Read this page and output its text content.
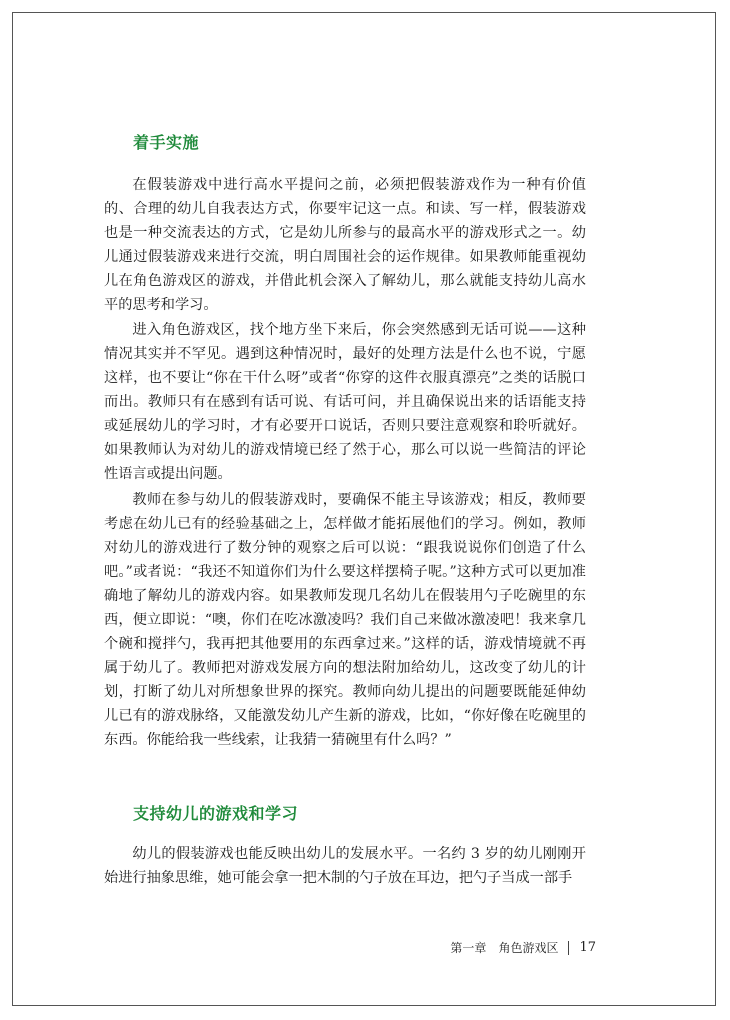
着手实施

在假装游戏中进行高水平提问之前，必须把假装游戏作为一种有价值的、合理的幼儿自我表达方式，你要牢记这一点。和读、写一样，假装游戏也是一种交流表达的方式，它是幼儿所参与的最高水平的游戏形式之一。幼儿通过假装游戏来进行交流，明白周围社会的运作规律。如果教师能重视幼儿在角色游戏区的游戏，并借此机会深入了解幼儿，那么就能支持幼儿高水平的思考和学习。

进入角色游戏区，找个地方坐下来后，你会突然感到无话可说——这种情况其实并不罕见。遇到这种情况时，最好的处理方法是什么也不说，宁愿这样，也不要让“你在干什么呀”或者“你穿的这件衣服真漂亮”之类的话脱口而出。教师只有在感到有话可说、有话可问，并且确保说出来的话语能支持或延展幼儿的学习时，才有必要开口说话，否则只要注意观察和聆听就好。如果教师认为对幼儿的游戏情境已经了然于心，那么可以说一些简洁的评论性语言或提出问题。

教师在参与幼儿的假装游戏时，要确保不能主导该游戏；相反，教师要考虑在幼儿已有的经验基础之上，怎样做才能拓展他们的学习。例如，教师对幼儿的游戏进行了数分钟的观察之后可以说：“跟我说说你们创造了什么吧。”或者说：“我还不知道你们为什么要这样摆椅子呢。”这种方式可以更加准确地了解幼儿的游戏内容。如果教师发现几名幼儿在假装用勺子吃碗里的东西，便立即说：“噢，你们在吃冰激凌吗？我们自己来做冰激凌吧！我来拿几个碗和搅拌勺，我再把其他要用的东西拿过来。”这样的话，游戏情境就不再属于幼儿了。教师把对游戏发展方向的想法附加给幼儿，这改变了幼儿的计划，打断了幼儿对所想象世界的探究。教师向幼儿提出的问题要既能延伸幼儿已有的游戏脉络，又能激发幼儿产生新的游戏，比如，“你好像在吃碗里的东西。你能给我一些线索，让我猜一猜碗里有什么吗？”

支持幼儿的游戏和学习

幼儿的假装游戏也能反映出幼儿的发展水平。一名约 3 岁的幼儿刚刚开始进行抽象思维，她可能会拿一把木制的勺子放在耳边，把勺子当成一部手

第一章 角色游戏区 17
